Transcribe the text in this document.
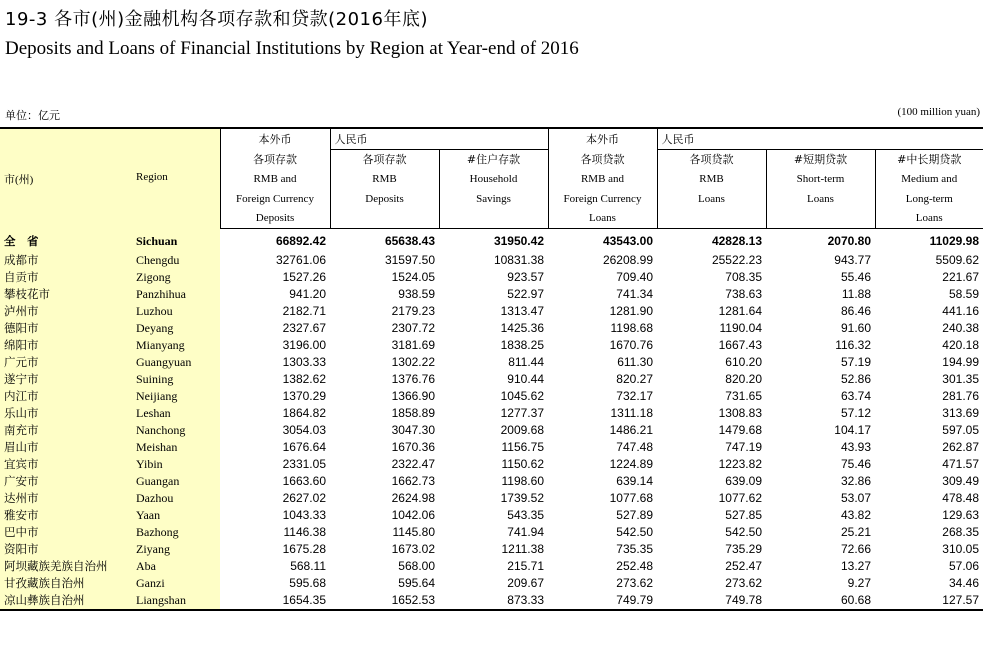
19-3 各市(州)金融机构各项存款和贷款(2016年底)
Deposits and Loans of Financial Institutions by Region at Year-end of 2016
单位：亿元	(100 million yuan)
市(州) Region	本外币	人民币		本外币	人民币		
	各项存款	各项存款	#住户存款	各项贷款	各项贷款	#短期贷款	#中长期贷款
	RMB and	RMB	Household	RMB and	RMB	Short-term	Medium and
	Foreign Currency	Deposits	Savings	Foreign Currency	Loans	Loans	Long-term
	Deposits			Loans			Loans
全　省 Sichuan	66892.42	65638.43	31950.42	43543.00	42828.13	2070.80	11029.98
成都市 Chengdu	32761.06	31597.50	10831.38	26208.99	25522.23	943.77	5509.62
自贡市 Zigong	1527.26	1524.05	923.57	709.40	708.35	55.46	221.67
攀枝花市 Panzhihua	941.20	938.59	522.97	741.34	738.63	11.88	58.59
泸州市 Luzhou	2182.71	2179.23	1313.47	1281.90	1281.64	86.46	441.16
德阳市 Deyang	2327.67	2307.72	1425.36	1198.68	1190.04	91.60	240.38
绵阳市 Mianyang	3196.00	3181.69	1838.25	1670.76	1667.43	116.32	420.18
广元市 Guangyuan	1303.33	1302.22	811.44	611.30	610.20	57.19	194.99
遂宁市 Suining	1382.62	1376.76	910.44	820.27	820.20	52.86	301.35
内江市 Neijiang	1370.29	1366.90	1045.62	732.17	731.65	63.74	281.76
乐山市 Leshan	1864.82	1858.89	1277.37	1311.18	1308.83	57.12	313.69
南充市 Nanchong	3054.03	3047.30	2009.68	1486.21	1479.68	104.17	597.05
眉山市 Meishan	1676.64	1670.36	1156.75	747.48	747.19	43.93	262.87
宜宾市 Yibin	2331.05	2322.47	1150.62	1224.89	1223.82	75.46	471.57
广安市 Guangan	1663.60	1662.73	1198.60	639.14	639.09	32.86	309.49
达州市 Dazhou	2627.02	2624.98	1739.52	1077.68	1077.62	53.07	478.48
雅安市 Yaan	1043.33	1042.06	543.35	527.89	527.85	43.82	129.63
巴中市 Bazhong	1146.38	1145.80	741.94	542.50	542.50	25.21	268.35
资阳市 Ziyang	1675.28	1673.02	1211.38	735.35	735.29	72.66	310.05
阿坝藏族羌族自治州 Aba	568.11	568.00	215.71	252.48	252.47	13.27	57.06
甘孜藏族自治州 Ganzi	595.68	595.64	209.67	273.62	273.62	9.27	34.46
凉山彝族自治州 Liangshan	1654.35	1652.53	873.33	749.79	749.78	60.68	127.57
